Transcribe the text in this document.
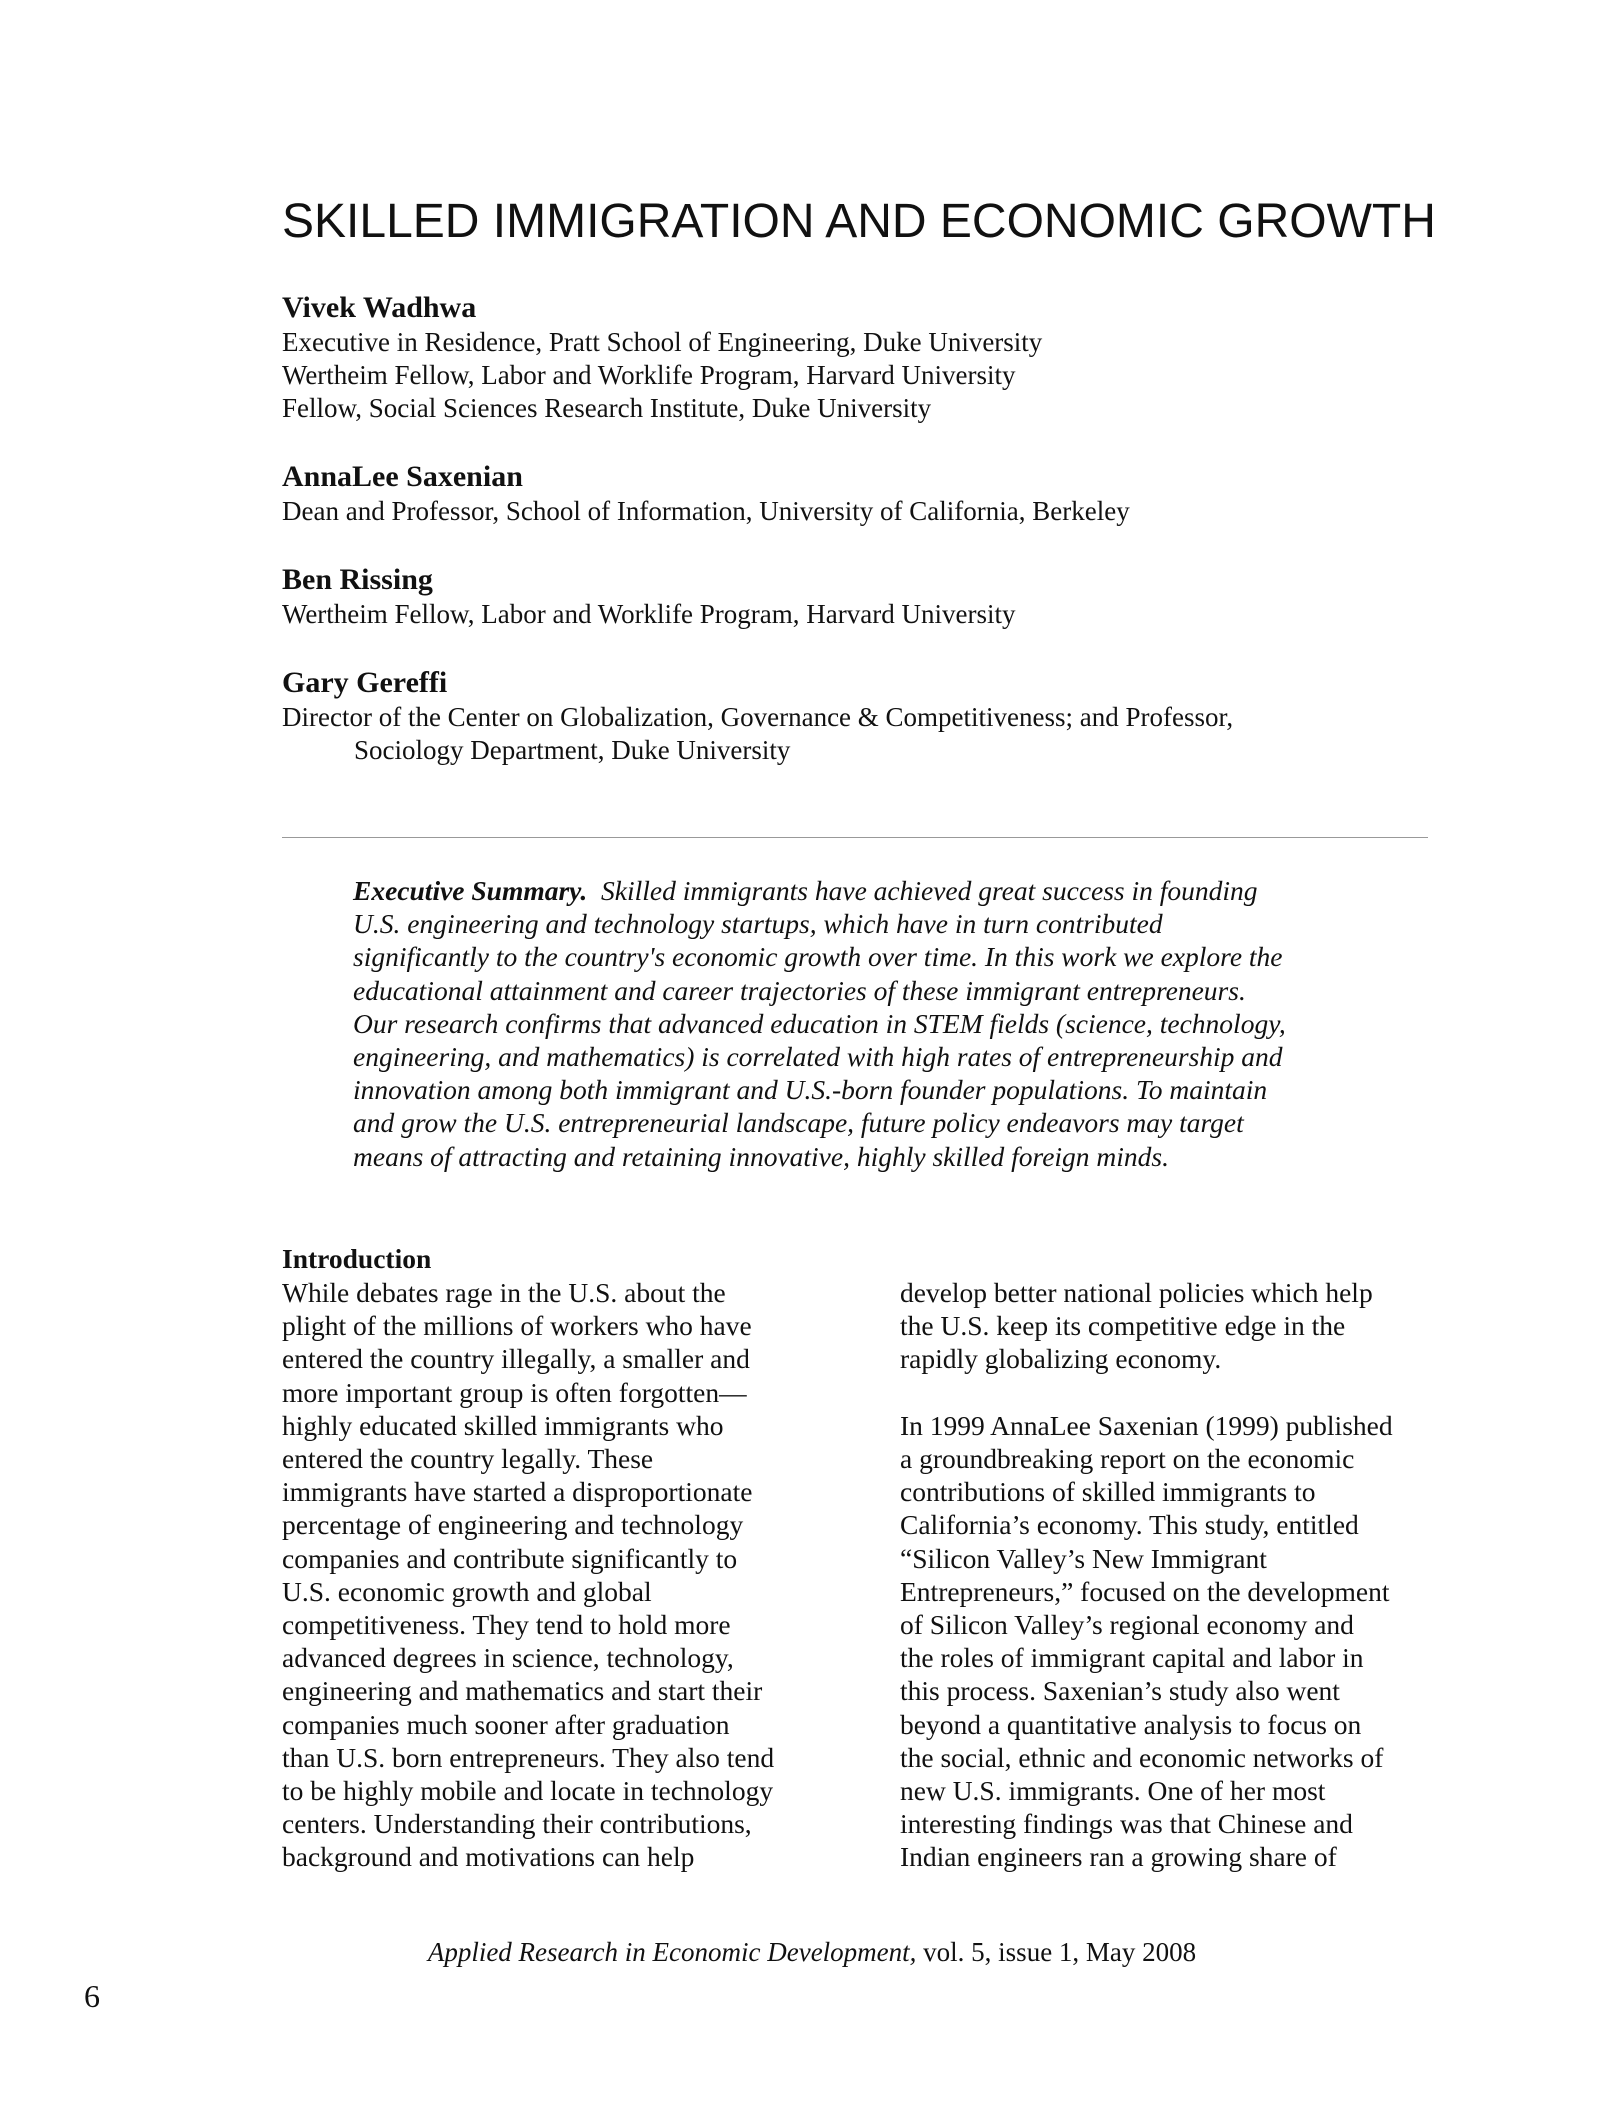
SKILLED IMMIGRATION AND ECONOMIC GROWTH
Vivek Wadhwa
Executive in Residence, Pratt School of Engineering, Duke University
Wertheim Fellow, Labor and Worklife Program, Harvard University
Fellow, Social Sciences Research Institute, Duke University
AnnaLee Saxenian
Dean and Professor, School of Information, University of California, Berkeley
Ben Rissing
Wertheim Fellow, Labor and Worklife Program, Harvard University
Gary Gereffi
Director of the Center on Globalization, Governance & Competitiveness; and Professor,
Sociology Department, Duke University

Executive Summary. Skilled immigrants have achieved great success in founding

U.S. engineering and technology startups, which have in turn contributed

significantly to the country's economic growth over time. In this work we explore the

educational attainment and career trajectories of these immigrant entrepreneurs.

Our research confirms that advanced education in STEM fields (science, technology,

engineering, and mathematics) is correlated with high rates of entrepreneurship and

innovation among both immigrant and U.S.-born founder populations. To maintain

and grow the U.S. entrepreneurial landscape, future policy endeavors may target

means of attracting and retaining innovative, highly skilled foreign minds.

Introduction

While debates rage in the U.S. about the

plight of the millions of workers who have

entered the country illegally, a smaller and

more important group is often forgotten—

highly educated skilled immigrants who

entered the country legally. These

immigrants have started a disproportionate

percentage of engineering and technology

companies and contribute significantly to

U.S. economic growth and global

competitiveness. They tend to hold more

advanced degrees in science, technology,

engineering and mathematics and start their

companies much sooner after graduation

than U.S. born entrepreneurs. They also tend

to be highly mobile and locate in technology

centers. Understanding their contributions,

background and motivations can help

develop better national policies which help

the U.S. keep its competitive edge in the

rapidly globalizing economy.

In 1999 AnnaLee Saxenian (1999) published

a groundbreaking report on the economic

contributions of skilled immigrants to

California’s economy. This study, entitled

“Silicon Valley’s New Immigrant

Entrepreneurs,” focused on the development

of Silicon Valley’s regional economy and

the roles of immigrant capital and labor in

this process. Saxenian’s study also went

beyond a quantitative analysis to focus on

the social, ethnic and economic networks of

new U.S. immigrants. One of her most

interesting findings was that Chinese and

Indian engineers ran a growing share of

Applied Research in Economic Development, vol. 5, issue 1, May 2008
6
